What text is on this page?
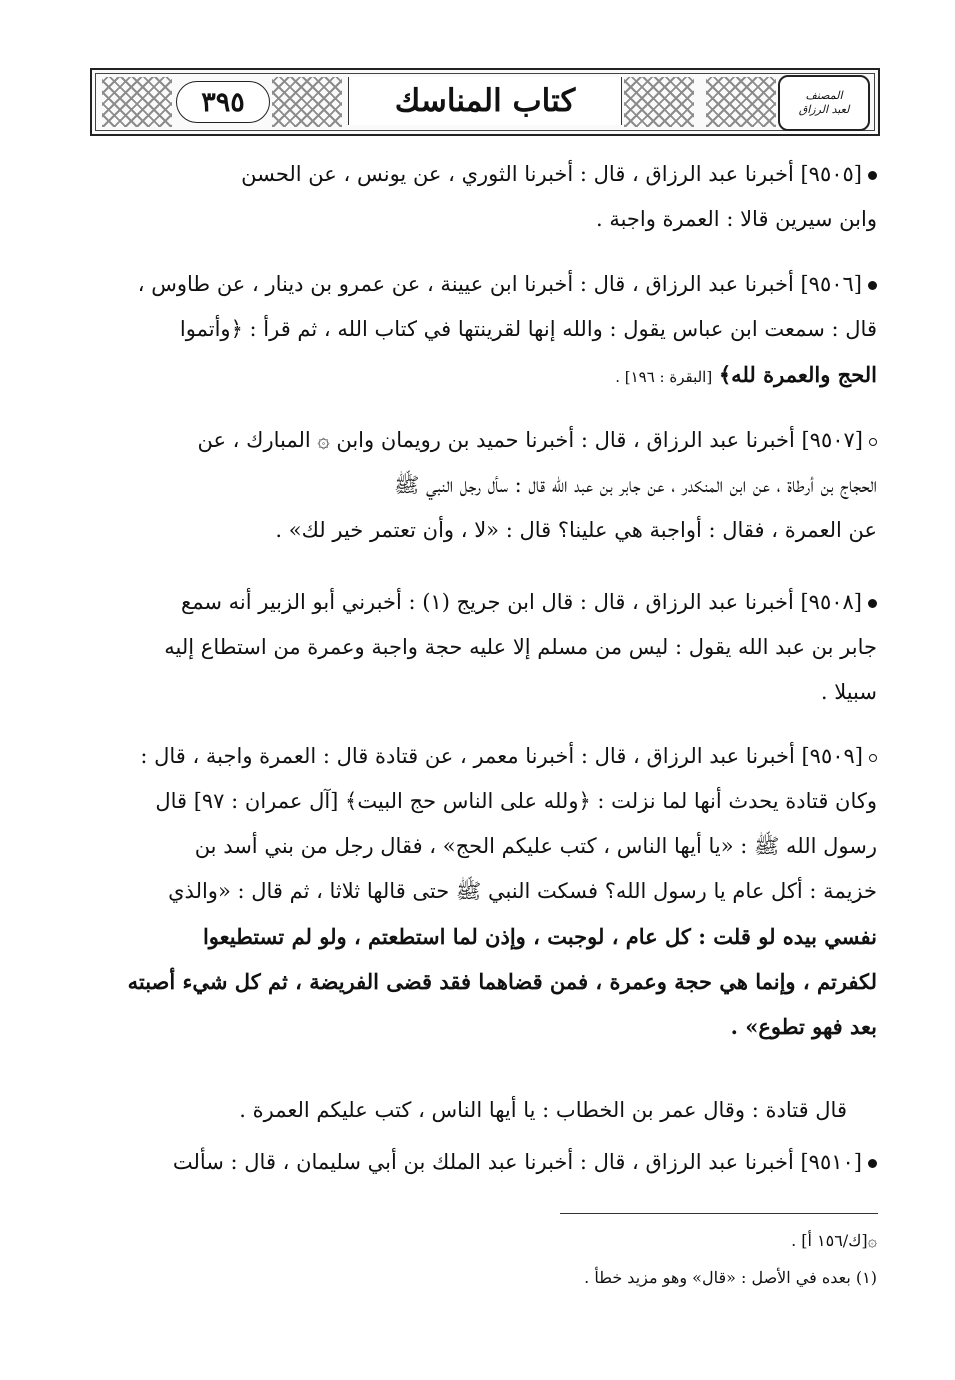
٣٩٥	كتاب المناسك	المصنف
لعبد الرزاق
[٩٥٠٥] أخبرنا عبد الرزاق ، قال : أخبرنا الثوري ، عن يونس ، عن الحسن
وابن سيرين قالا : العمرة واجبة .
[٩٥٠٦] أخبرنا عبد الرزاق ، قال : أخبرنا ابن عيينة ، عن عمرو بن دينار ، عن طاوس ،
قال : سمعت ابن عباس يقول : والله إنها لقرينتها في كتاب الله ، ثم قرأ : ﴿وأتموا
الحج والعمرة لله﴾ [البقرة : ١٩٦] .
[٩٥٠٧] أخبرنا عبد الرزاق ، قال : أخبرنا حميد بن رويمان وابن ۞ المبارك ، عن
الحجاج بن أرطاة ، عن ابن المنكدر ، عن جابر بن عبد الله قال : سأل رجل النبي ﷺ
عن العمرة ، فقال : أواجبة هي علينا؟ قال : «لا ، وأن تعتمر خير لك» .
[٩٥٠٨] أخبرنا عبد الرزاق ، قال : قال ابن جريج (١) : أخبرني أبو الزبير أنه سمع
جابر بن عبد الله يقول : ليس من مسلم إلا عليه حجة واجبة وعمرة من استطاع إليه
سبيلا .
[٩٥٠٩] أخبرنا عبد الرزاق ، قال : أخبرنا معمر ، عن قتادة قال : العمرة واجبة ، قال :
وكان قتادة يحدث أنها لما نزلت : ﴿ولله على الناس حج البيت﴾ [آل عمران : ٩٧] قال
رسول الله ﷺ : «يا أيها الناس ، كتب عليكم الحج» ، فقال رجل من بني أسد بن
خزيمة : أكل عام يا رسول الله؟ فسكت النبي ﷺ حتى قالها ثلاثا ، ثم قال : «والذي
نفسي بيده لو قلت : كل عام ، لوجبت ، وإذن لما استطعتم ، ولو لم تستطيعوا
لكفرتم ، وإنما هي حجة وعمرة ، فمن قضاهما فقد قضى الفريضة ، ثم كل شيء أصبته
بعد فهو تطوع» .
قال قتادة : وقال عمر بن الخطاب : يا أيها الناس ، كتب عليكم العمرة .
[٩٥١٠] أخبرنا عبد الرزاق ، قال : أخبرنا عبد الملك بن أبي سليمان ، قال : سألت
۞[ك/١٥٦ أ] .
(١) بعده في الأصل : «قال» وهو مزيد خطأ .
